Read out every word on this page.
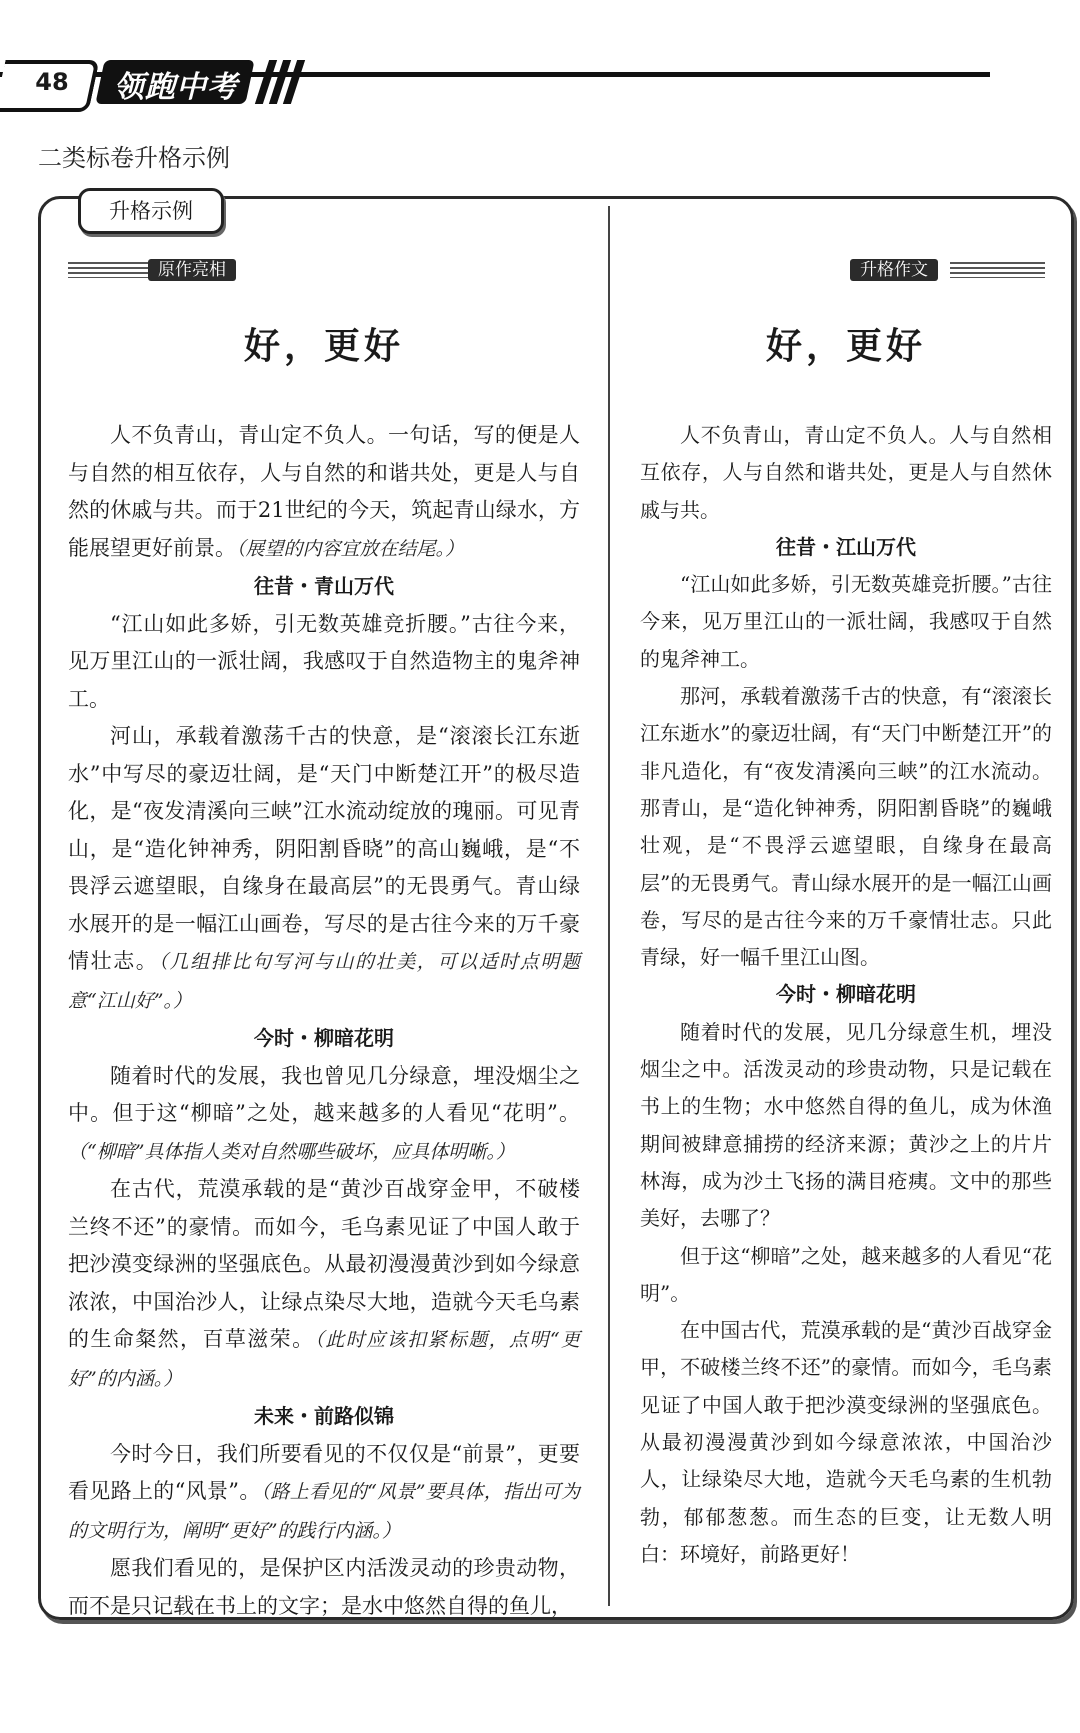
48	领跑中考
二类标卷升格示例
升格示例
原作亮相	升格作文
好，更好

人不负青山，青山定不负人。一句话，写的便是人与自然的相互依存，人与自然的和谐共处，更是人与自然的休戚与共。而于21世纪的今天，筑起青山绿水，方能展望更好前景。（展望的内容宜放在结尾。）

往昔・青山万代

“江山如此多娇，引无数英雄竞折腰。”古往今来，见万里江山的一派壮阔，我感叹于自然造物主的鬼斧神工。

河山，承载着激荡千古的快意，是“滚滚长江东逝水”中写尽的豪迈壮阔，是“天门中断楚江开”的极尽造化，是“夜发清溪向三峡”江水流动绽放的瑰丽。可见青山，是“造化钟神秀，阴阳割昏晓”的高山巍峨，是“不畏浮云遮望眼，自缘身在最高层”的无畏勇气。青山绿水展开的是一幅江山画卷，写尽的是古往今来的万千豪情壮志。（几组排比句写河与山的壮美，可以适时点明题意“江山好”。）

今时・柳暗花明

随着时代的发展，我也曾见几分绿意，埋没烟尘之中。但于这“柳暗”之处，越来越多的人看见“花明”。（“柳暗”具体指人类对自然哪些破坏，应具体明晰。）

在古代，荒漠承载的是“黄沙百战穿金甲，不破楼兰终不还”的豪情。而如今，毛乌素见证了中国人敢于把沙漠变绿洲的坚强底色。从最初漫漫黄沙到如今绿意浓浓，中国治沙人，让绿点染尽大地，造就今天毛乌素的生命粲然，百草滋荣。（此时应该扣紧标题，点明“更好”的内涵。）

未来・前路似锦

今时今日，我们所要看见的不仅仅是“前景”，更要看见路上的“风景”。（路上看见的“风景”要具体，指出可为的文明行为，阐明“更好”的践行内涵。）

愿我们看见的，是保护区内活泼灵动的珍贵动物，而不是只记载在书上的文字；是水中悠然自得的鱼儿，

好，更好

人不负青山，青山定不负人。人与自然相互依存，人与自然和谐共处，更是人与自然休戚与共。

往昔・江山万代

“江山如此多娇，引无数英雄竞折腰。”古往今来，见万里江山的一派壮阔，我感叹于自然的鬼斧神工。

那河，承载着激荡千古的快意，有“滚滚长江东逝水”的豪迈壮阔，有“天门中断楚江开”的非凡造化，有“夜发清溪向三峡”的江水流动。那青山，是“造化钟神秀，阴阳割昏晓”的巍峨壮观，是“不畏浮云遮望眼，自缘身在最高层”的无畏勇气。青山绿水展开的是一幅江山画卷，写尽的是古往今来的万千豪情壮志。只此青绿，好一幅千里江山图。

今时・柳暗花明

随着时代的发展，见几分绿意生机，埋没烟尘之中。活泼灵动的珍贵动物，只是记载在书上的生物；水中悠然自得的鱼儿，成为休渔期间被肆意捕捞的经济来源；黄沙之上的片片林海，成为沙土飞扬的满目疮痍。文中的那些美好，去哪了？

但于这“柳暗”之处，越来越多的人看见“花明”。

在中国古代，荒漠承载的是“黄沙百战穿金甲，不破楼兰终不还”的豪情。而如今，毛乌素见证了中国人敢于把沙漠变绿洲的坚强底色。从最初漫漫黄沙到如今绿意浓浓，中国治沙人，让绿染尽大地，造就今天毛乌素的生机勃勃，郁郁葱葱。而生态的巨变，让无数人明白：环境好，前路更好！
